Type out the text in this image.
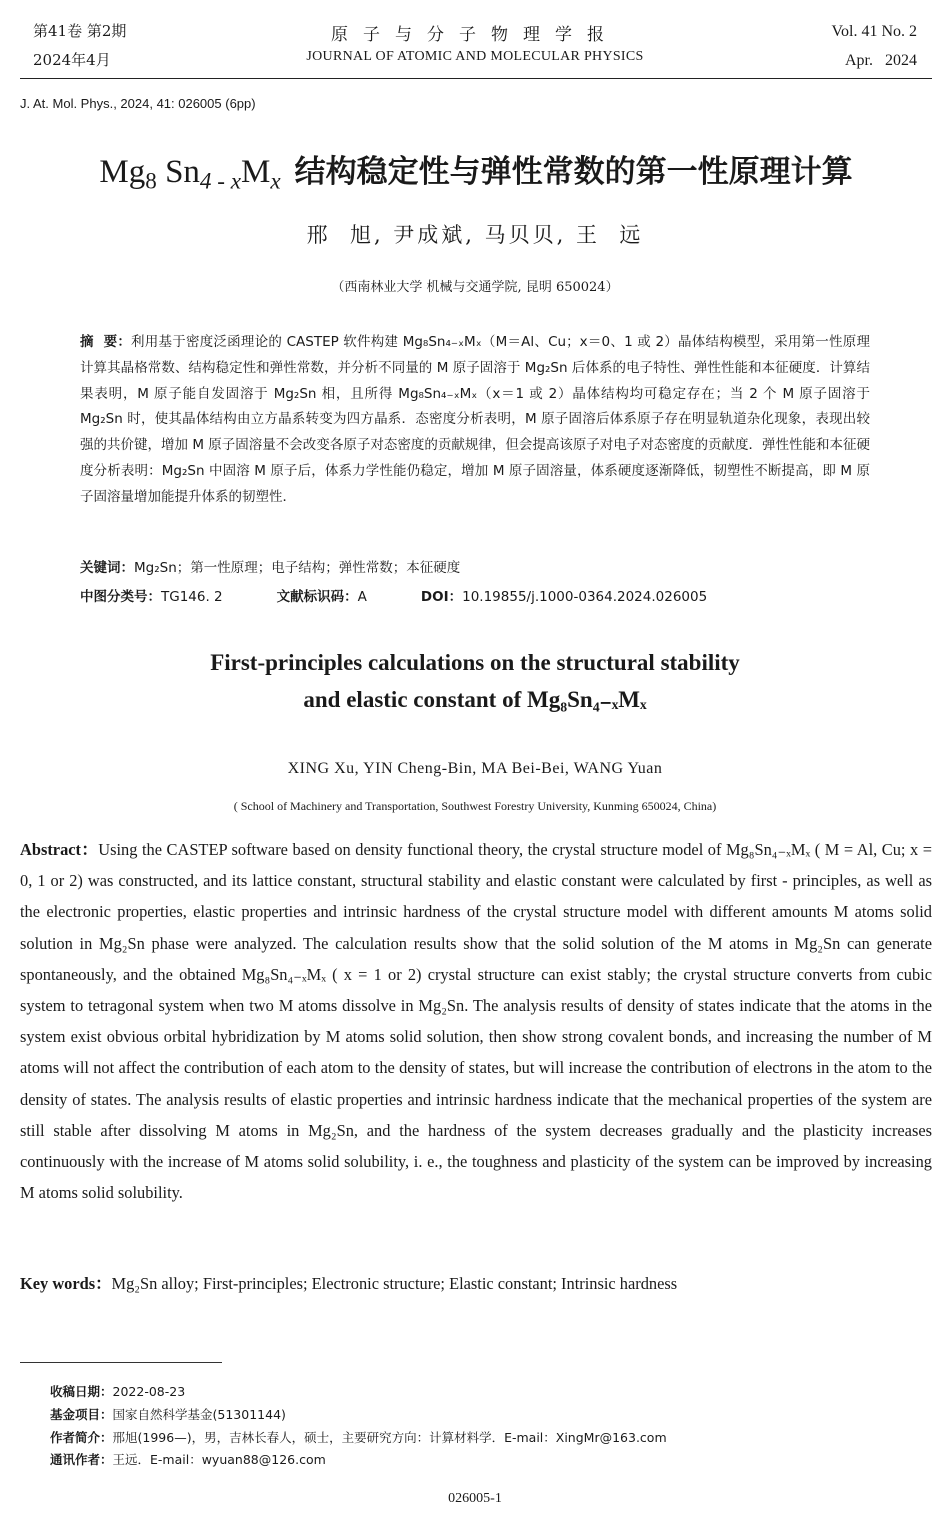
第41卷 第2期
2024年4月
原子与分子物理学报
JOURNAL OF ATOMIC AND MOLECULAR PHYSICS
Vol. 41 No. 2
Apr.   2024
J. At. Mol. Phys., 2024, 41: 026005 (6pp)
$Mg_8$ $Sn_{4 - x}M_x$ 结构稳定性与弹性常数的第一性原理计算
邢  旭, 尹成斌, 马贝贝, 王  远
（西南林业大学 机械与交通学院, 昆明 650024）
摘  要：利用基于密度泛函理论的 CASTEP 软件构建 Mg₈Sn₄₋ₓMₓ（M＝Al、Cu；x＝0、1 或 2）晶体结构模型，采用第一性原理计算其晶格常数、结构稳定性和弹性常数，并分析不同量的 M 原子固溶于 Mg₂Sn 后体系的电子特性、弹性性能和本征硬度．计算结果表明，M 原子能自发固溶于 Mg₂Sn 相，且所得 Mg₈Sn₄₋ₓMₓ（x＝1 或 2）晶体结构均可稳定存在；当 2 个 M 原子固溶于 Mg₂Sn 时，使其晶体结构由立方晶系转变为四方晶系．态密度分析表明，M 原子固溶后体系原子存在明显轨道杂化现象，表现出较强的共价键，增加 M 原子固溶量不会改变各原子对态密度的贡献规律，但会提高该原子对电子对态密度的贡献度．弹性性能和本征硬度分析表明：Mg₂Sn 中固溶 M 原子后，体系力学性能仍稳定，增加 M 原子固溶量，体系硬度逐渐降低，韧塑性不断提高，即 M 原子固溶量增加能提升体系的韧塑性．
关键词：Mg₂Sn；第一性原理；电子结构；弹性常数；本征硬度
中图分类号：TG146. 2	文献标识码：A	DOI：10.19855/j.1000-0364.2024.026005
First-principles calculations on the structural stability
and elastic constant of Mg₈Sn₄₋ₓMₓ
XING Xu, YIN Cheng-Bin, MA Bei-Bei, WANG Yuan
( School of Machinery and Transportation, Southwest Forestry University, Kunming 650024, China)
Abstract：Using the CASTEP software based on density functional theory, the crystal structure model of Mg₈Sn₄₋ₓMₓ ( M = Al, Cu; x = 0, 1 or 2) was constructed, and its lattice constant, structural stability and elastic constant were calculated by first - principles, as well as the electronic properties, elastic properties and intrinsic hardness of the crystal structure model with different amounts M atoms solid solution in Mg₂Sn phase were analyzed. The calculation results show that the solid solution of the M atoms in Mg₂Sn can generate spontaneously, and the obtained Mg₈Sn₄₋ₓMₓ ( x = 1 or 2) crystal structure can exist stably; the crystal structure converts from cubic system to tetragonal system when two M atoms dissolve in Mg₂Sn. The analysis results of density of states indicate that the atoms in the system exist obvious orbital hybridization by M atoms solid solution, then show strong covalent bonds, and increasing the number of M atoms will not affect the contribution of each atom to the density of states, but will increase the contribution of electrons in the atom to the density of states. The analysis results of elastic properties and intrinsic hardness indicate that the mechanical properties of the system are still stable after dissolving M atoms in Mg₂Sn, and the hardness of the system decreases gradually and the plasticity increases continuously with the increase of M atoms solid solubility, i. e., the toughness and plasticity of the system can be improved by increasing M atoms solid solubility.
Key words：Mg₂Sn alloy; First-principles; Electronic structure; Elastic constant; Intrinsic hardness
收稿日期：2022-08-23
基金项目：国家自然科学基金(51301144)
作者简介：邢旭(1996—)，男，吉林长春人，硕士，主要研究方向：计算材料学．E-mail：XingMr@163.com
通讯作者：王远．E-mail：wyuan88@126.com
026005-1
